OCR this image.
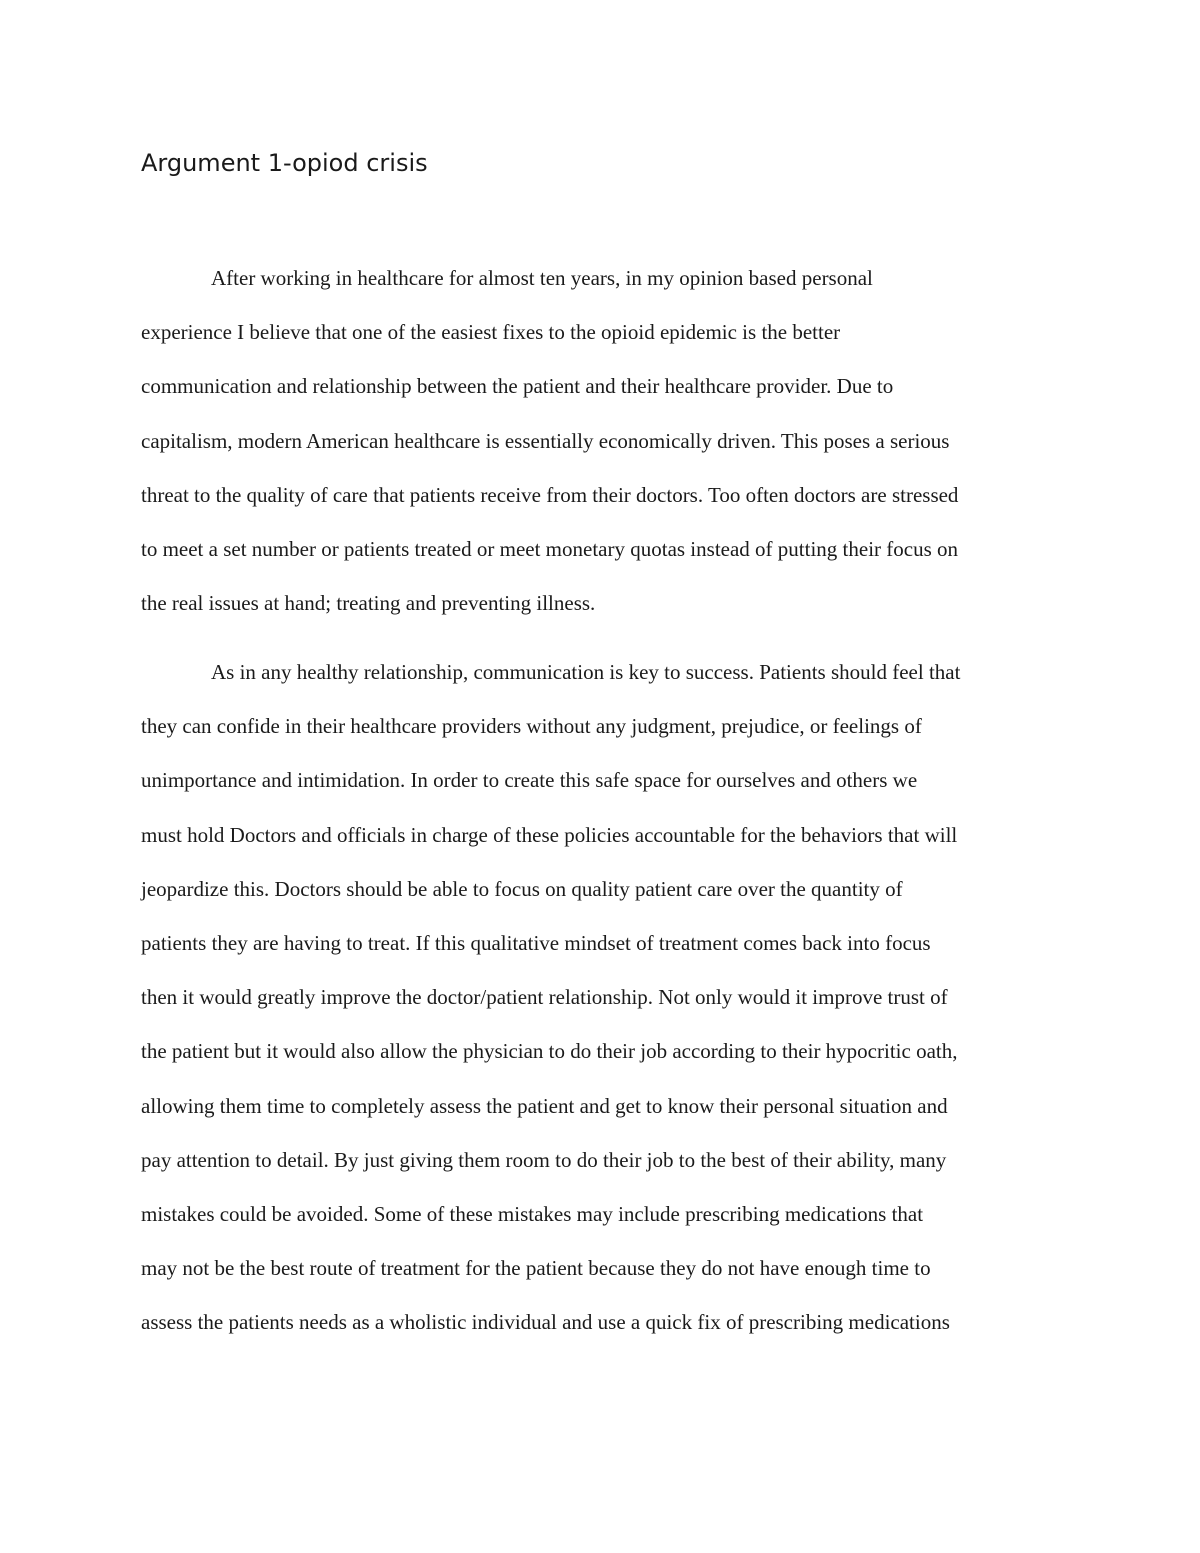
Argument 1-opiod crisis
After working in healthcare for almost ten years, in my opinion based personal
experience I believe that one of the easiest fixes to the opioid epidemic is the better
communication and relationship between the patient and their healthcare provider. Due to
capitalism, modern American healthcare is essentially economically driven. This poses a serious
threat to the quality of care that patients receive from their doctors. Too often doctors are stressed
to meet a set number or patients treated or meet monetary quotas instead of putting their focus on
the real issues at hand; treating and preventing illness.
As in any healthy relationship, communication is key to success. Patients should feel that
they can confide in their healthcare providers without any judgment, prejudice, or feelings of
unimportance and intimidation. In order to create this safe space for ourselves and others we
must hold Doctors and officials in charge of these policies accountable for the behaviors that will
jeopardize this. Doctors should be able to focus on quality patient care over the quantity of
patients they are having to treat. If this qualitative mindset of treatment comes back into focus
then it would greatly improve the doctor/patient relationship. Not only would it improve trust of
the patient but it would also allow the physician to do their job according to their hypocritic oath,
allowing them time to completely assess the patient and get to know their personal situation and
pay attention to detail. By just giving them room to do their job to the best of their ability, many
mistakes could be avoided. Some of these mistakes may include prescribing medications that
may not be the best route of treatment for the patient because they do not have enough time to
assess the patients needs as a wholistic individual and use a quick fix of prescribing medications
